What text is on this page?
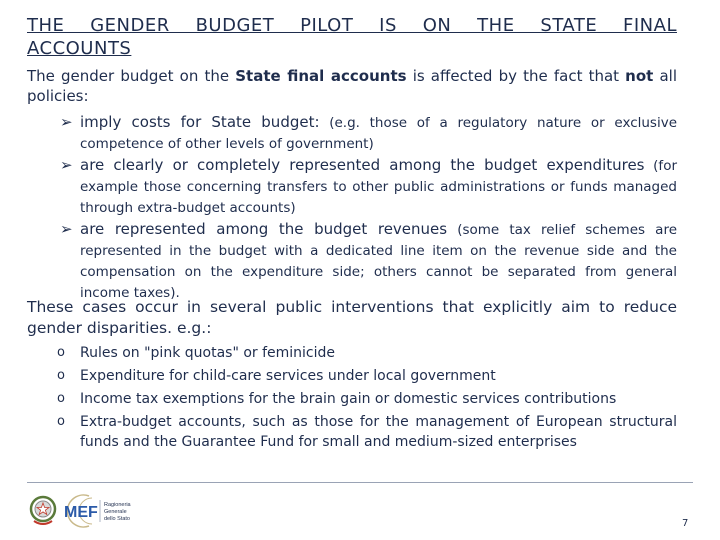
THE GENDER BUDGET PILOT IS ON THE STATE FINAL
ACCOUNTS

The gender budget on the State final accounts is affected by the fact that not all policies:

➢ imply costs for State budget: (e.g. those of a regulatory nature or exclusive competence of other levels of government)

➢ are clearly or completely represented among the budget expenditures (for example those concerning transfers to other public administrations or funds managed through extra-budget accounts)

➢ are represented among the budget revenues (some tax relief schemes are represented in the budget with a dedicated line item on the revenue side and the compensation on the expenditure side; others cannot be separated from general income taxes).

These cases occur in several public interventions that explicitly aim to reduce gender disparities. e.g.:

o Rules on "pink quotas" or feminicide

o Expenditure for child-care services under local government

o Income tax exemptions for the brain gain or domestic services contributions

o Extra-budget accounts, such as those for the management of European structural funds and the Guarantee Fund for small and medium-sized enterprises

MEF Ragioneria
Generale
dello Stato	7
